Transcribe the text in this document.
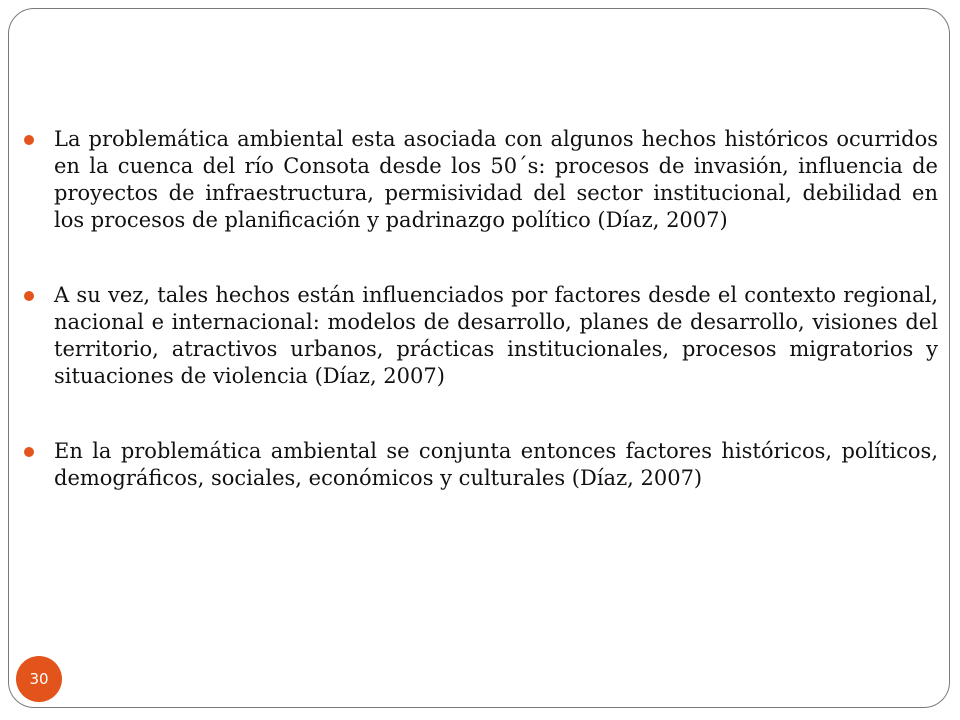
La problemática ambiental esta asociada con algunos hechos históricos ocurridos en la cuenca del río Consota desde los 50´s: procesos de invasión, influencia de proyectos de infraestructura, permisividad del sector institucional, debilidad en los procesos de planificación y padrinazgo político (Díaz, 2007)

A su vez, tales hechos están influenciados por factores desde el contexto regional, nacional e internacional: modelos de desarrollo, planes de desarrollo, visiones del territorio, atractivos urbanos, prácticas institucionales, procesos migratorios y situaciones de violencia (Díaz, 2007)

En la problemática ambiental se conjunta entonces factores históricos, políticos, demográficos, sociales, económicos y culturales (Díaz, 2007)

30
